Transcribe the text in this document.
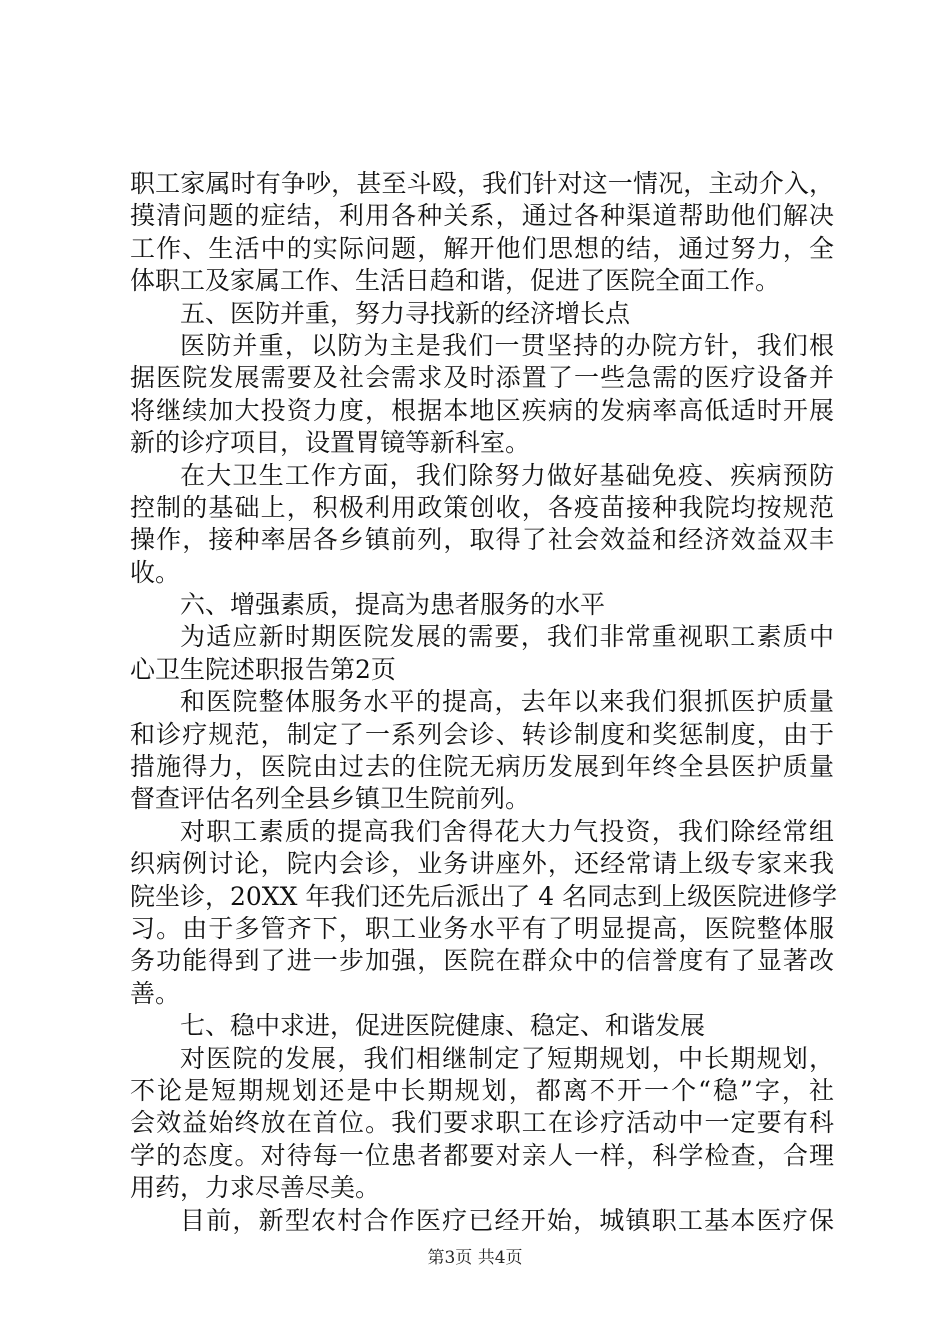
职工家属时有争吵，甚至斗殴，我们针对这一情况，主动介入，
摸清问题的症结，利用各种关系，通过各种渠道帮助他们解决
工作、生活中的实际问题，解开他们思想的结，通过努力，全
体职工及家属工作、生活日趋和谐，促进了医院全面工作。
五、医防并重，努力寻找新的经济增长点
医防并重，以防为主是我们一贯坚持的办院方针，我们根
据医院发展需要及社会需求及时添置了一些急需的医疗设备并
将继续加大投资力度，根据本地区疾病的发病率高低适时开展
新的诊疗项目，设置胃镜等新科室。
在大卫生工作方面，我们除努力做好基础免疫、疾病预防
控制的基础上，积极利用政策创收，各疫苗接种我院均按规范
操作，接种率居各乡镇前列，取得了社会效益和经济效益双丰
收。
六、增强素质，提高为患者服务的水平
为适应新时期医院发展的需要，我们非常重视职工素质中
心卫生院述职报告第2页
和医院整体服务水平的提高，去年以来我们狠抓医护质量
和诊疗规范，制定了一系列会诊、转诊制度和奖惩制度，由于
措施得力，医院由过去的住院无病历发展到年终全县医护质量
督查评估名列全县乡镇卫生院前列。
对职工素质的提高我们舍得花大力气投资，我们除经常组
织病例讨论，院内会诊，业务讲座外，还经常请上级专家来我
院坐诊，20XX 年我们还先后派出了 4 名同志到上级医院进修学
习。由于多管齐下，职工业务水平有了明显提高，医院整体服
务功能得到了进一步加强，医院在群众中的信誉度有了显著改
善。
七、稳中求进，促进医院健康、稳定、和谐发展
对医院的发展，我们相继制定了短期规划，中长期规划，
不论是短期规划还是中长期规划，都离不开一个“稳”字，社
会效益始终放在首位。我们要求职工在诊疗活动中一定要有科
学的态度。对待每一位患者都要对亲人一样，科学检查，合理
用药，力求尽善尽美。
目前，新型农村合作医疗已经开始，城镇职工基本医疗保
第3页 共4页
